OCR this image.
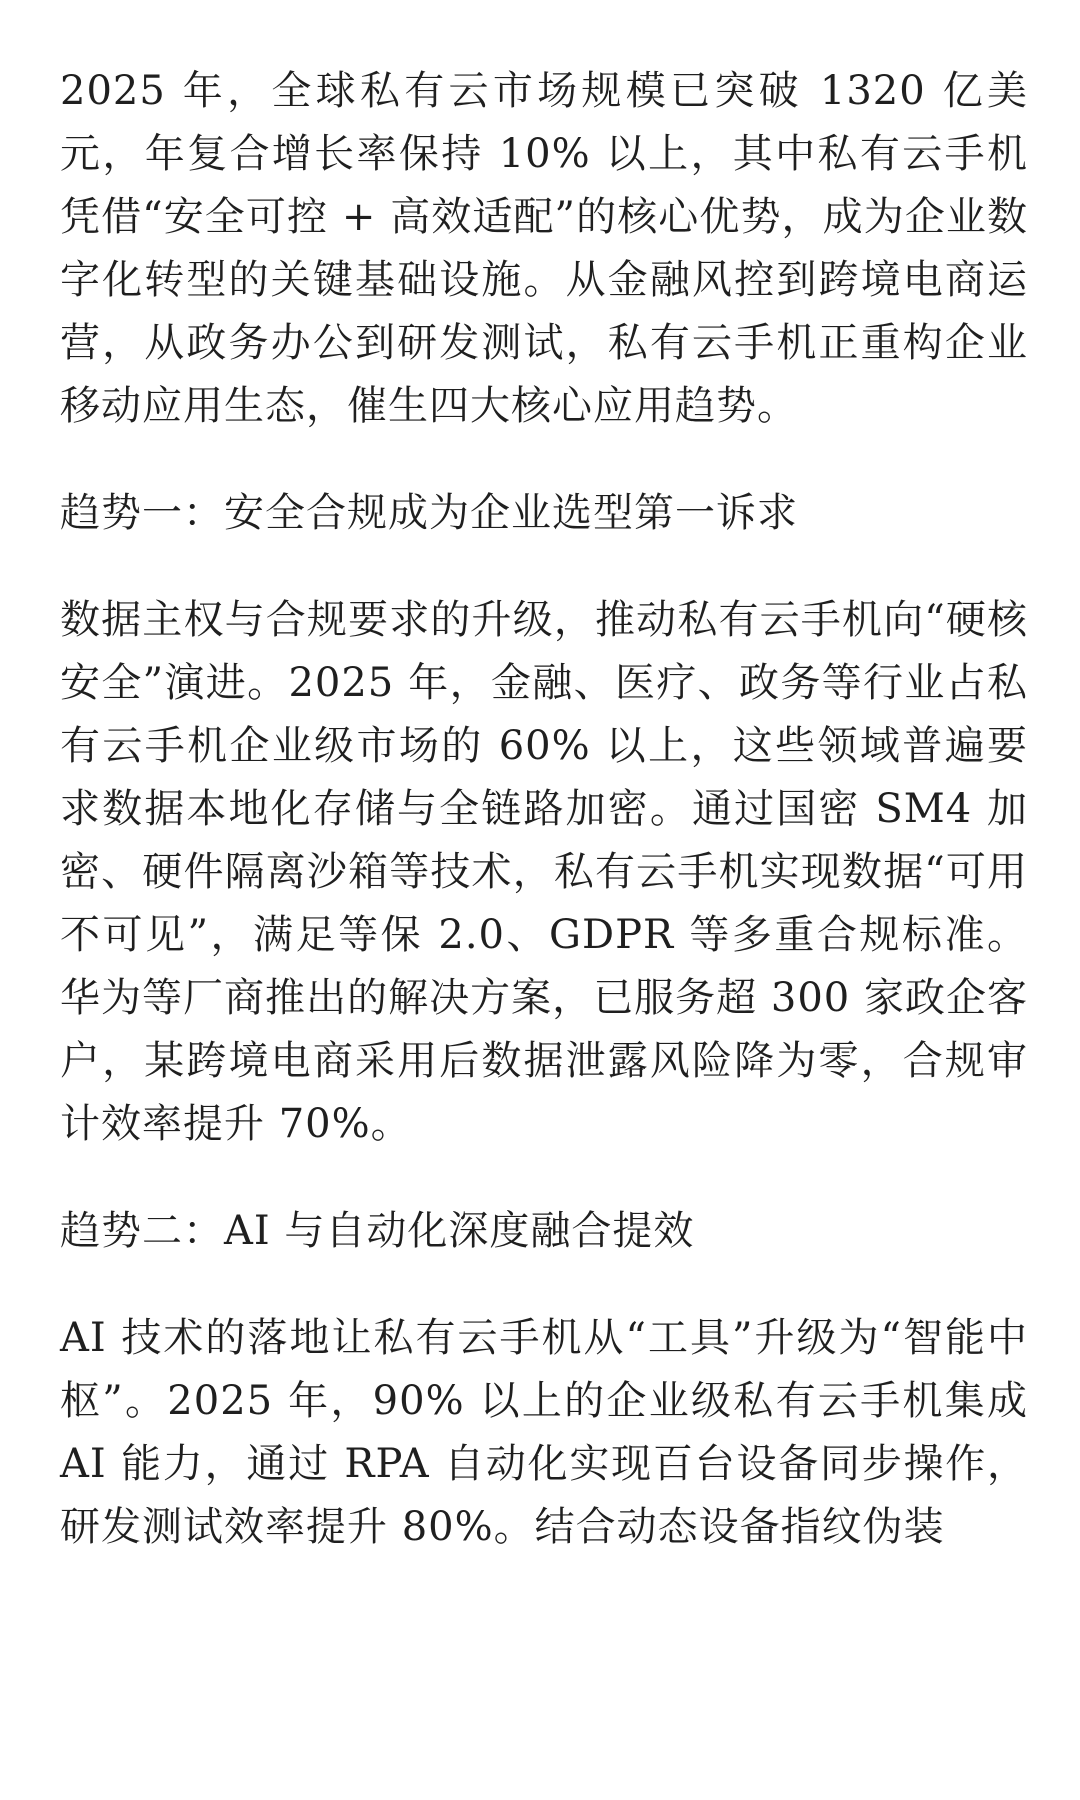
2025 年，全球私有云市场规模已突破 1320 亿美元，年复合增长率保持 10% 以上，其中私有云手机凭借“安全可控 + 高效适配”的核心优势，成为企业数字化转型的关键基础设施。从金融风控到跨境电商运营，从政务办公到研发测试，私有云手机正重构企业移动应用生态，催生四大核心应用趋势。

趋势一：安全合规成为企业选型第一诉求

数据主权与合规要求的升级，推动私有云手机向“硬核安全”演进。2025 年，金融、医疗、政务等行业占私有云手机企业级市场的 60% 以上，这些领域普遍要求数据本地化存储与全链路加密。通过国密 SM4 加密、硬件隔离沙箱等技术，私有云手机实现数据“可用不可见”，满足等保 2.0、GDPR 等多重合规标准。华为等厂商推出的解决方案，已服务超 300 家政企客户，某跨境电商采用后数据泄露风险降为零，合规审计效率提升 70%。

趋势二：AI 与自动化深度融合提效

AI 技术的落地让私有云手机从“工具”升级为“智能中枢”。2025 年，90% 以上的企业级私有云手机集成 AI 能力，通过 RPA 自动化实现百台设备同步操作，研发测试效率提升 80%。结合动态设备指纹伪装
